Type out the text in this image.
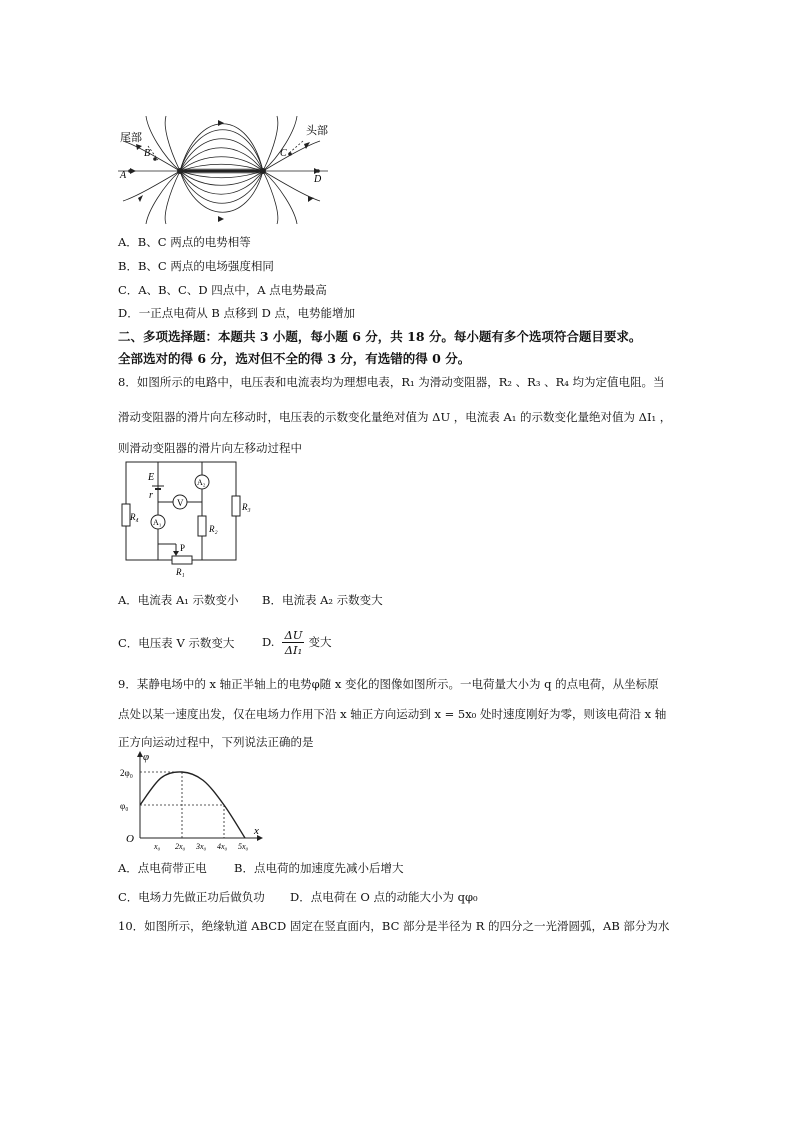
尾部
头部
B	C
A	D
A．B、C 两点的电势相等
B．B、C 两点的电场强度相同
C．A、B、C、D 四点中，A 点电势最高
D．一正点电荷从 B 点移到 D 点，电势能增加
二、多项选择题：本题共 3 小题，每小题 6 分，共 18 分。每小题有多个选项符合题目要求。
全部选对的得 6 分，选对但不全的得 3 分，有选错的得 0 分。
8．如图所示的电路中，电压表和电流表均为理想电表，R₁ 为滑动变阻器，R₂ 、R₃ 、R₄ 均为定值电阻。当
滑动变阻器的滑片向左移动时，电压表的示数变化量绝对值为 ΔU ，电流表 A₁ 的示数变化量绝对值为 ΔI₁ ，
则滑动变阻器的滑片向左移动过程中
E
r
A₁
V
A₂
R₂
R₃
R₄
P
R₁
A．电流表 A₁ 示数变小 B．电流表 A₂ 示数变大
C．电压表 V 示数变大 D. $\frac{\Delta U}{\text{ΔI₁}}$ 变大
9．某静电场中的 x 轴正半轴上的电势φ随 x 变化的图像如图所示。一电荷量大小为 q 的点电荷，从坐标原
点处以某一速度出发，仅在电场力作用下沿 x 轴正方向运动到 x = 5x₀ 处时速度刚好为零，则该电荷沿 x 轴
正方向运动过程中，下列说法正确的是
φ
x
O
2φ₀
φ₀
x₀ 2x₀ 3x₀ 4x₀ 5x₀
A．点电荷带正电 B．点电荷的加速度先减小后增大
C．电场力先做正功后做负功 D．点电荷在 O 点的动能大小为 qφ₀
10．如图所示，绝缘轨道 ABCD 固定在竖直面内，BC 部分是半径为 R 的四分之一光滑圆弧，AB 部分为水
